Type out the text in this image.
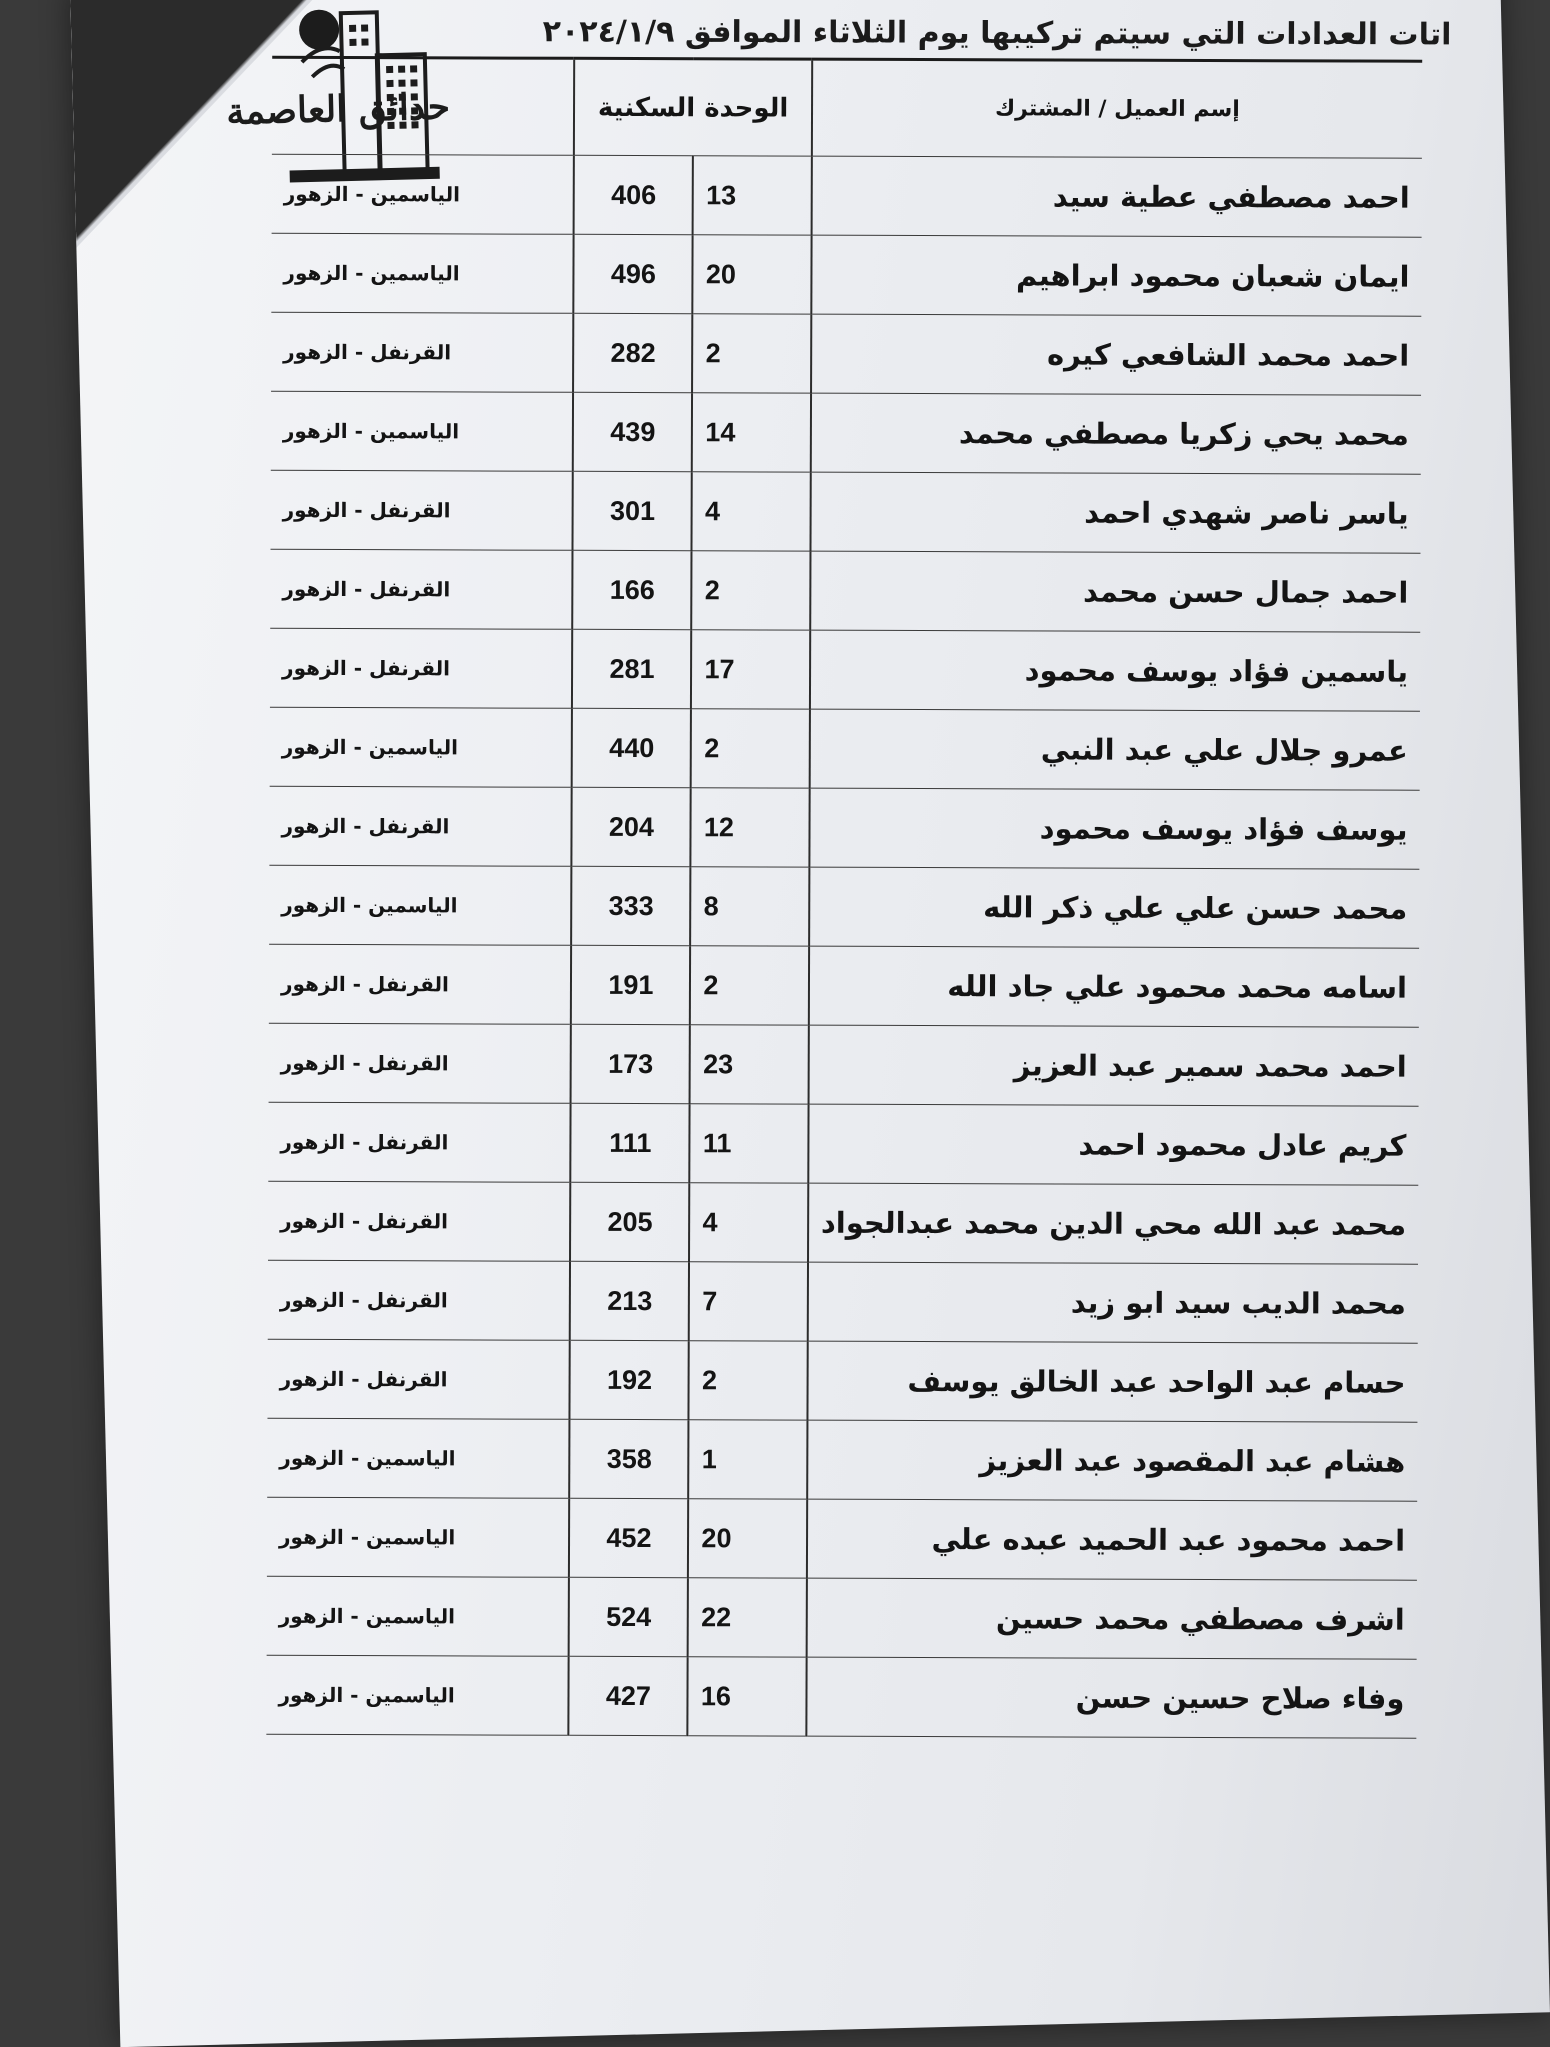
اتات العدادات التي سيتم تركيبها يوم الثلاثاء الموافق ٢٠٢٤/١/٩
حدائق العاصمة	إسم العميل / المشترك	الوحدة السكنية		
احمد مصطفي عطية سيد	13	406	الياسمين - الزهور
ايمان شعبان محمود ابراهيم	20	496	الياسمين - الزهور
احمد محمد الشافعي كيره	2	282	القرنفل - الزهور
محمد يحي زكريا مصطفي محمد	14	439	الياسمين - الزهور
ياسر ناصر شهدي احمد	4	301	القرنفل - الزهور
احمد جمال حسن محمد	2	166	القرنفل - الزهور
ياسمين فؤاد يوسف محمود	17	281	القرنفل - الزهور
عمرو جلال علي عبد النبي	2	440	الياسمين - الزهور
يوسف فؤاد يوسف محمود	12	204	القرنفل - الزهور
محمد حسن علي علي ذكر الله	8	333	الياسمين - الزهور
اسامه محمد محمود علي جاد الله	2	191	القرنفل - الزهور
احمد محمد سمير عبد العزيز	23	173	القرنفل - الزهور
كريم عادل محمود احمد	11	111	القرنفل - الزهور
محمد عبد الله محي الدين محمد عبدالجواد	4	205	القرنفل - الزهور
محمد الديب سيد ابو زيد	7	213	القرنفل - الزهور
حسام عبد الواحد عبد الخالق يوسف	2	192	القرنفل - الزهور
هشام عبد المقصود عبد العزيز	1	358	الياسمين - الزهور
احمد محمود عبد الحميد عبده علي	20	452	الياسمين - الزهور
اشرف مصطفي محمد حسين	22	524	الياسمين - الزهور
وفاء صلاح حسين حسن	16	427	الياسمين - الزهور
